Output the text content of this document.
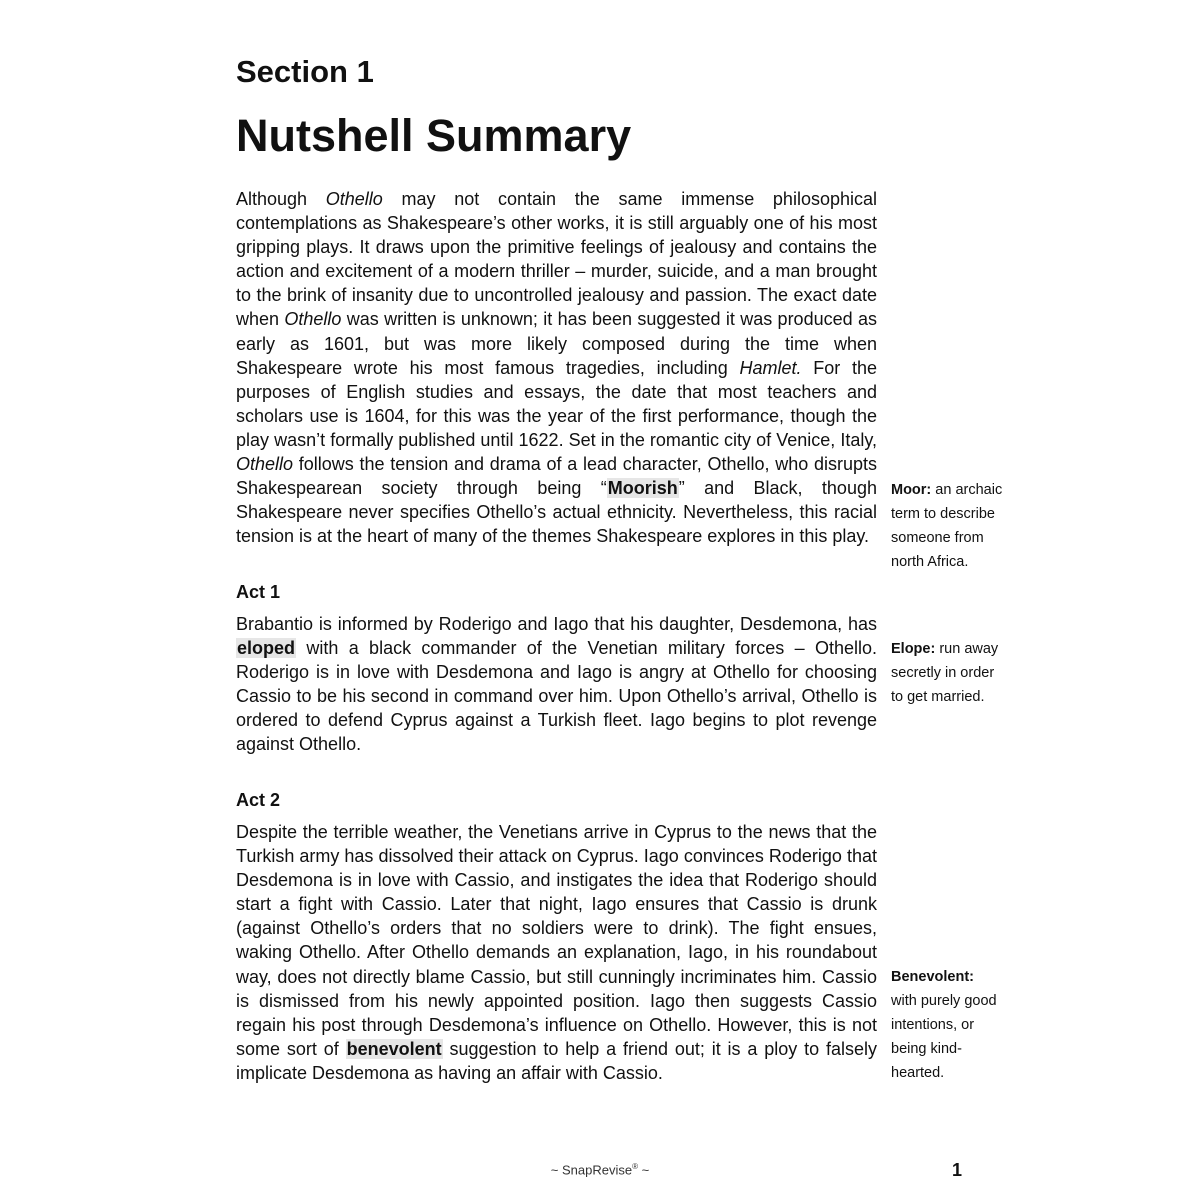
Section 1
Nutshell Summary

Although Othello may not contain the same immense philosophical contemplations as Shakespeare’s other works, it is still arguably one of his most gripping plays. It draws upon the primitive feelings of jealousy and contains the action and excitement of a modern thriller – murder, suicide, and a man brought to the brink of insanity due to uncontrolled jealousy and passion. The exact date when Othello was written is unknown; it has been suggested it was produced as early as 1601, but was more likely composed during the time when Shakespeare wrote his most famous tragedies, including Hamlet. For the purposes of English studies and essays, the date that most teachers and scholars use is 1604, for this was the year of the first performance, though the play wasn’t formally published until 1622. Set in the romantic city of Venice, Italy, Othello follows the tension and drama of a lead character, Othello, who disrupts Shakespearean society through being “Moorish” and Black, though Shakespeare never specifies Othello’s actual ethnicity. Nevertheless, this racial tension is at the heart of many of the themes Shakespeare explores in this play.

Act 1

Brabantio is informed by Roderigo and Iago that his daughter, Desdemona, has eloped with a black commander of the Venetian military forces – Othello. Roderigo is in love with Desdemona and Iago is angry at Othello for choosing Cassio to be his second in command over him. Upon Othello’s arrival, Othello is ordered to defend Cyprus against a Turkish fleet. Iago begins to plot revenge against Othello.

Act 2

Despite the terrible weather, the Venetians arrive in Cyprus to the news that the Turkish army has dissolved their attack on Cyprus. Iago convinces Roderigo that Desdemona is in love with Cassio, and instigates the idea that Roderigo should start a fight with Cassio. Later that night, Iago ensures that Cassio is drunk (against Othello’s orders that no soldiers were to drink). The fight ensues, waking Othello. After Othello demands an explanation, Iago, in his roundabout way, does not directly blame Cassio, but still cunningly incriminates him. Cassio is dismissed from his newly appointed position. Iago then suggests Cassio regain his post through Desdemona’s influence on Othello. However, this is not some sort of benevolent suggestion to help a friend out; it is a ploy to falsely implicate Desdemona as having an affair with Cassio.

Moor: an archaic term to describe someone from north Africa.

Elope: run away secretly in order to get married.

Benevolent: with purely good intentions, or being kind-hearted.

~ SnapRevise® ~	1
